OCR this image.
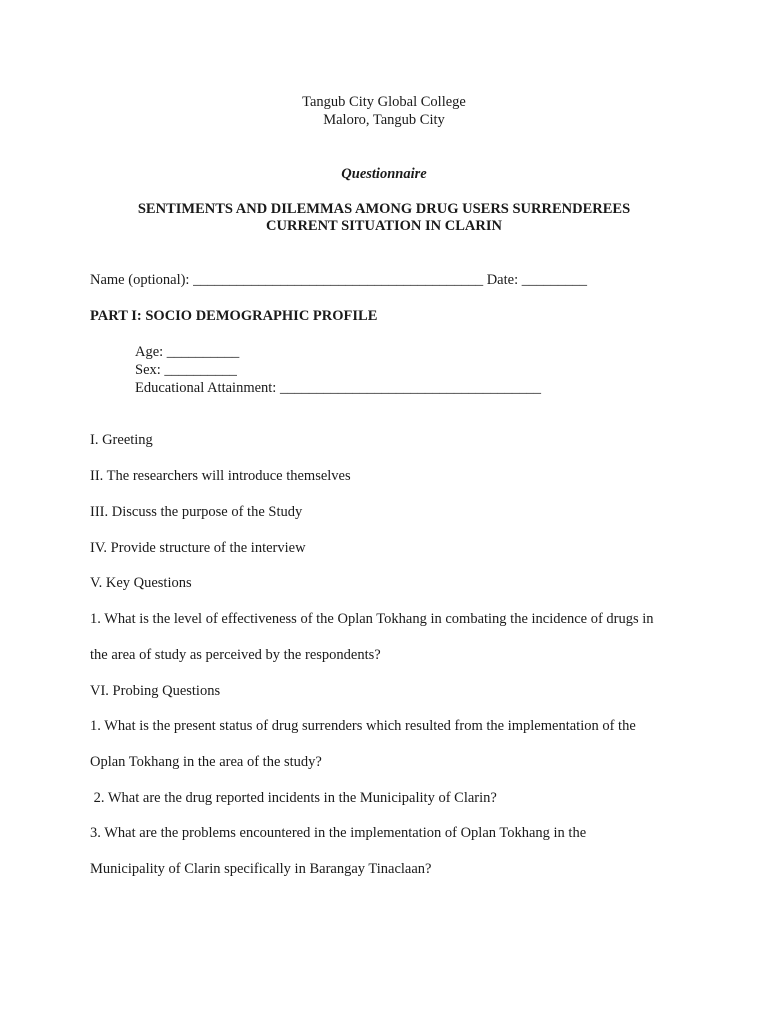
Tangub City Global College
Maloro, Tangub City
Questionnaire
SENTIMENTS AND DILEMMAS AMONG DRUG USERS SURRENDEREES
CURRENT SITUATION IN CLARIN
Name (optional): ________________________________________ Date: _________
PART I: SOCIO DEMOGRAPHIC PROFILE
Age: __________
Sex: __________
Educational Attainment: ____________________________________
I. Greeting
II. The researchers will introduce themselves
III. Discuss the purpose of the Study
IV. Provide structure of the interview
V. Key Questions
1. What is the level of effectiveness of the Oplan Tokhang in combating the incidence of drugs in
the area of study as perceived by the respondents?
VI. Probing Questions
1. What is the present status of drug surrenders which resulted from the implementation of the
Oplan Tokhang in the area of the study?
2. What are the drug reported incidents in the Municipality of Clarin?
3. What are the problems encountered in the implementation of Oplan Tokhang in the
Municipality of Clarin specifically in Barangay Tinaclaan?
